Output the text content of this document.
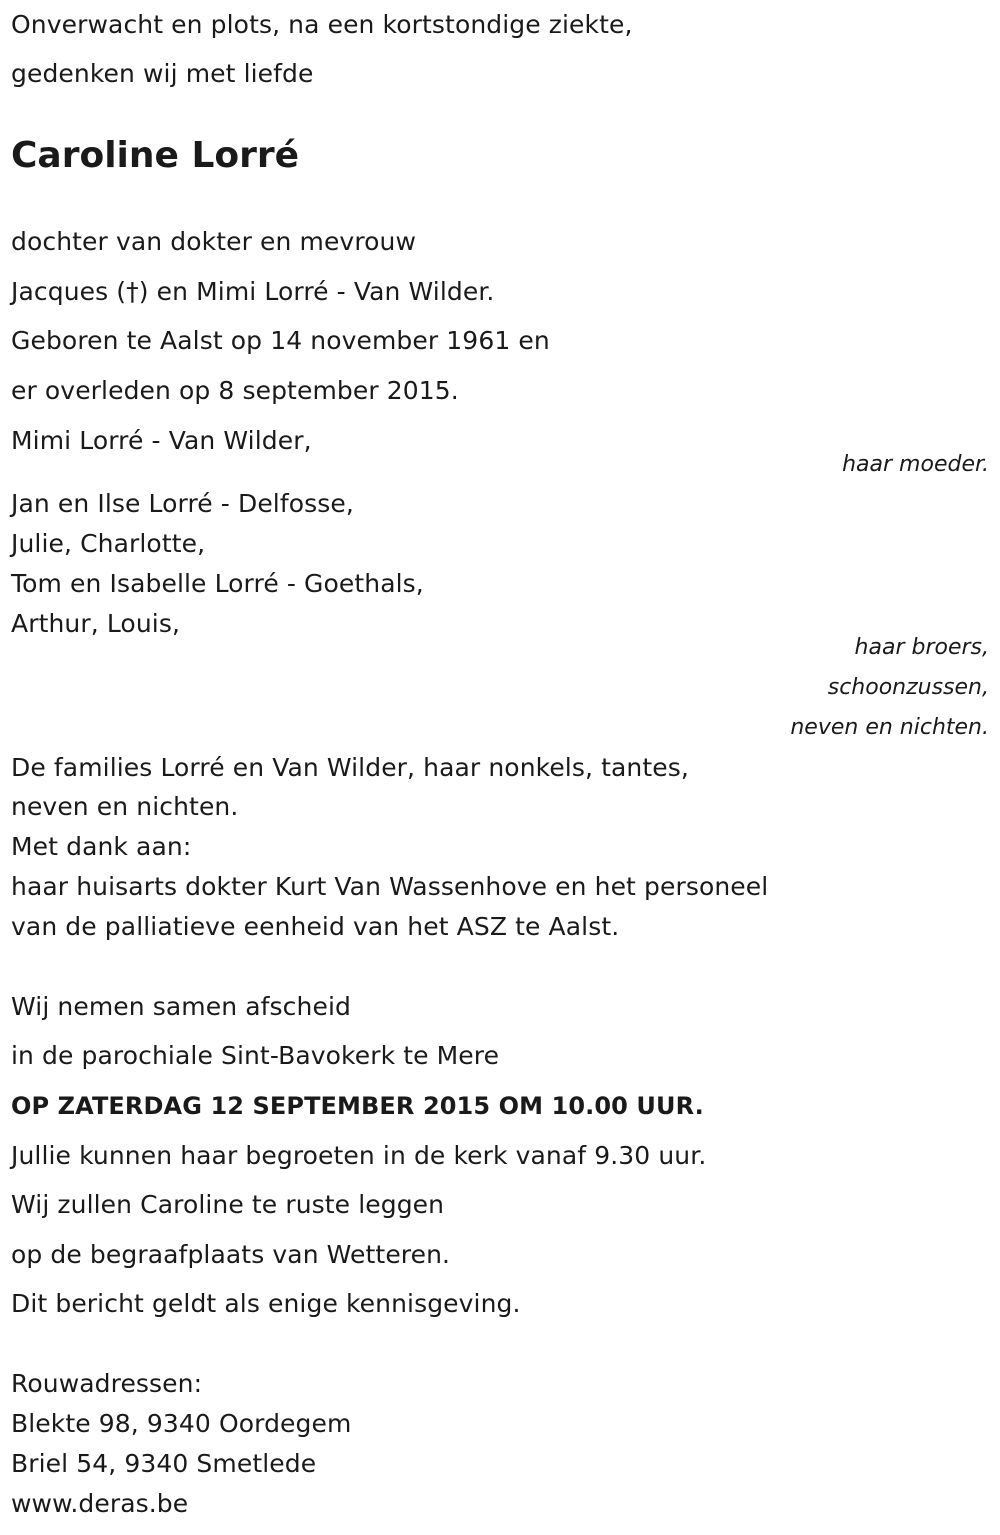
Onverwacht en plots, na een kortstondige ziekte,
gedenken wij met liefde
Caroline Lorré
dochter van dokter en mevrouw
Jacques (†) en Mimi Lorré - Van Wilder.
Geboren te Aalst op 14 november 1961 en
er overleden op 8 september 2015.
Mimi Lorré - Van Wilder,
haar moeder.
Jan en Ilse Lorré - Delfosse,
Julie, Charlotte,
Tom en Isabelle Lorré - Goethals,
Arthur, Louis,
haar broers,
schoonzussen,
neven en nichten.
De families Lorré en Van Wilder, haar nonkels, tantes,
neven en nichten.
Met dank aan:
haar huisarts dokter Kurt Van Wassenhove en het personeel
van de palliatieve eenheid van het ASZ te Aalst.
Wij nemen samen afscheid
in de parochiale Sint-Bavokerk te Mere
OP ZATERDAG 12 SEPTEMBER 2015 OM 10.00 UUR.
Jullie kunnen haar begroeten in de kerk vanaf 9.30 uur.
Wij zullen Caroline te ruste leggen
op de begraafplaats van Wetteren.
Dit bericht geldt als enige kennisgeving.
Rouwadressen:
Blekte 98, 9340 Oordegem
Briel 54, 9340 Smetlede
www.deras.be
